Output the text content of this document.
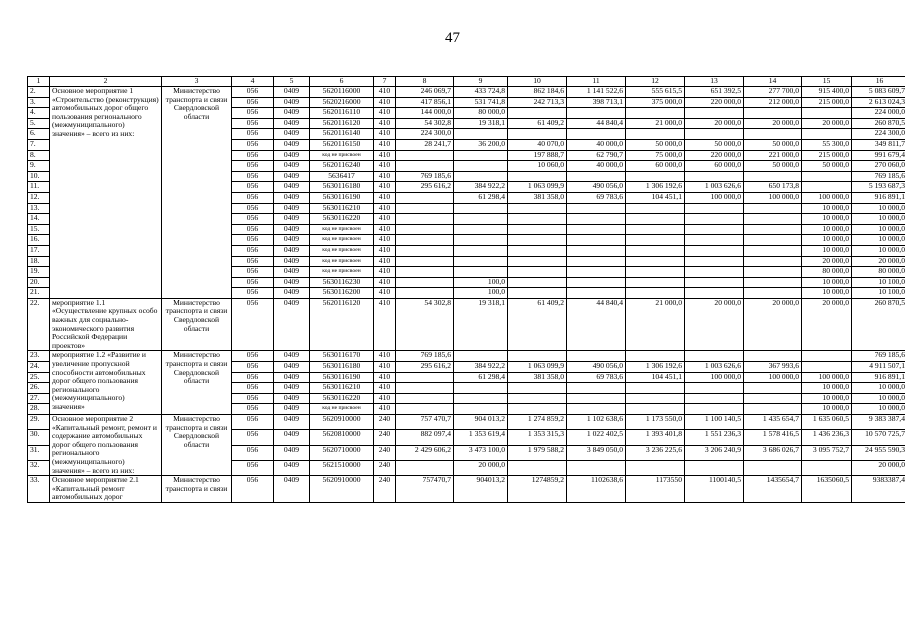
47
1	2	3	4	5	6	7	8	9	10	11	12	13	14	15	16
2.	Основное мероприятие 1 «Строительство (реконструкция) автомобильных дорог общего пользования регионального (межмуниципального) значения» – всего из них:	Министерство транспорта и связи Свердловской области	056	0409	5620116000	410	246 069,7	433 724,8	862 184,6	1 141 522,6	555 615,5	651 392,5	277 700,0	915 400,0	5 083 609,7
3.			056	0409	5620216000	410	417 856,1	531 741,8	242 713,3	398 713,1	375 000,0	220 000,0	212 000,0	215 000,0	2 613 024,3
4.			056	0409	5620116110	410	144 000,0	80 000,0							224 000,0
5.			056	0409	5620116120	410	54 302,8	19 318,1	61 409,2	44 840,4	21 000,0	20 000,0	20 000,0	20 000,0	260 870,5
6.			056	0409	5620116140	410	224 300,0								224 300,0
7.			056	0409	5620116150	410	28 241,7	36 200,0	40 070,0	40 000,0	50 000,0	50 000,0	50 000,0	55 300,0	349 811,7
8.			056	0409	код не присвоен	410			197 888,7	62 790,7	75 000,0	220 000,0	221 000,0	215 000,0	991 679,4
9.			056	0409	5620116240	410			10 060,0	40 000,0	60 000,0	60 000,0	50 000,0	50 000,0	270 060,0
10.			056	0409	5636417	410	769 185,6								769 185,6
11.			056	0409	5630116180	410	295 616,2	384 922,2	1 063 099,9	490 056,0	1 306 192,6	1 003 626,6	650 173,8		5 193 687,3
12.			056	0409	5630116190	410		61 298,4	381 358,0	69 783,6	104 451,1	100 000,0	100 000,0	100 000,0	916 891,1
13.			056	0409	5630116210	410								10 000,0	10 000,0
14.			056	0409	5630116220	410								10 000,0	10 000,0
15.			056	0409	код не присвоен	410								10 000,0	10 000,0
16.			056	0409	код не присвоен	410								10 000,0	10 000,0
17.			056	0409	код не присвоен	410								10 000,0	10 000,0
18.			056	0409	код не присвоен	410								20 000,0	20 000,0
19.			056	0409	код не присвоен	410								80 000,0	80 000,0
20.			056	0409	5630116230	410		100,0						10 000,0	10 100,0
21.			056	0409	5630116200	410		100,0						10 000,0	10 100,0
22.	мероприятие 1.1 «Осуществление крупных особо важных для социально-экономического развития Российской Федерации проектов»	Министерство транспорта и связи Свердловской области	056	0409	5620116120	410	54 302,8	19 318,1	61 409,2	44 840,4	21 000,0	20 000,0	20 000,0	20 000,0	260 870,5
23.	мероприятие 1.2 «Развитие и увеличение пропускной способности автомобильных дорог общего пользования регионального (межмуниципального) значения»	Министерство транспорта и связи Свердловской области	056	0409	5630116170	410	769 185,6								769 185,6
24.			056	0409	5630116180	410	295 616,2	384 922,2	1 063 099,9	490 056,0	1 306 192,6	1 003 626,6	367 993,6		4 911 507,1
25.			056	0409	5630116190	410		61 298,4	381 358,0	69 783,6	104 451,1	100 000,0	100 000,0	100 000,0	916 891,1
26.			056	0409	5630116210	410								10 000,0	10 000,0
27.			056	0409	5630116220	410								10 000,0	10 000,0
28.			056	0409	код не присвоен	410								10 000,0	10 000,0
29.	Основное мероприятие 2 «Капитальный ремонт, ремонт и содержание автомобильных дорог общего пользования регионального (межмуниципального) значения» – всего из них:	Министерство транспорта и связи Свердловской области	056	0409	5620910000	240	757 470,7	904 013,2	1 274 859,2	1 102 638,6	1 173 550,0	1 100 140,5	1 435 654,7	1 635 060,5	9 383 387,4
30.			056	0409	5620810000	240	882 097,4	1 353 619,4	1 353 315,3	1 022 402,5	1 393 401,8	1 551 236,3	1 578 416,5	1 436 236,3	10 570 725,7
31.			056	0409	5620710000	240	2 429 606,2	3 473 100,0	1 979 588,2	3 849 050,0	3 236 225,6	3 206 240,9	3 686 026,7	3 095 752,7	24 955 590,3
32.			056	0409	5621510000	240		20 000,0							20 000,0
33.	Основное мероприятие 2.1 «Капитальный ремонт автомобильных дорог	Министерство транспорта и связи	056	0409	5620910000	240	757470,7	904013,2	1274859,2	1102638,6	1173550	1100140,5	1435654,7	1635060,5	9383387,4
